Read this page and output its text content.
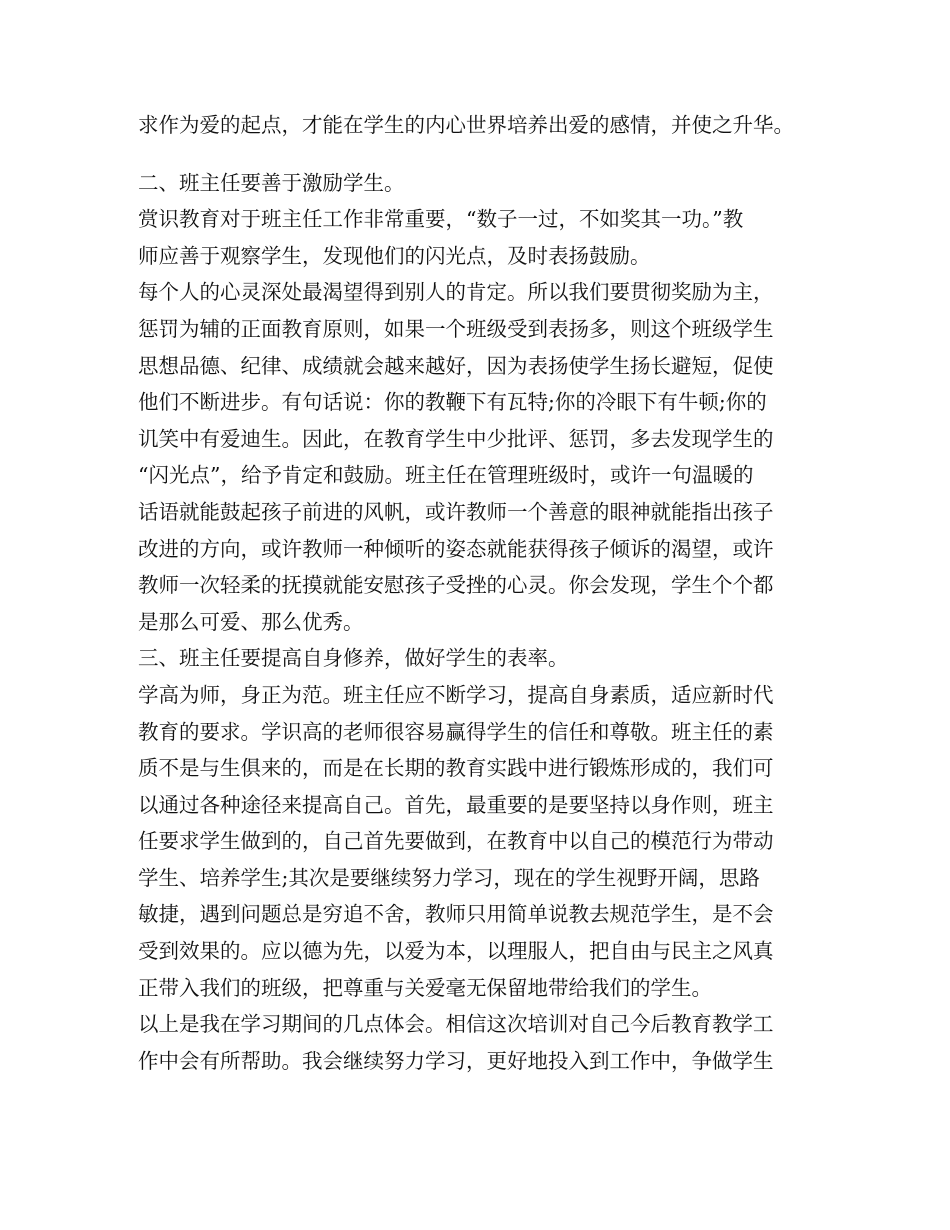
求作为爱的起点，才能在学生的内心世界培养出爱的感情，并使之升华。
二、班主任要善于激励学生。
赏识教育对于班主任工作非常重要，“数子一过，不如奖其一功。”教
师应善于观察学生，发现他们的闪光点，及时表扬鼓励。
每个人的心灵深处最渴望得到别人的肯定。所以我们要贯彻奖励为主，
惩罚为辅的正面教育原则，如果一个班级受到表扬多，则这个班级学生
思想品德、纪律、成绩就会越来越好，因为表扬使学生扬长避短，促使
他们不断进步。有句话说：你的教鞭下有瓦特;你的冷眼下有牛顿;你的
讥笑中有爱迪生。因此，在教育学生中少批评、惩罚，多去发现学生的
“闪光点”，给予肯定和鼓励。班主任在管理班级时，或许一句温暖的
话语就能鼓起孩子前进的风帆，或许教师一个善意的眼神就能指出孩子
改进的方向，或许教师一种倾听的姿态就能获得孩子倾诉的渴望，或许
教师一次轻柔的抚摸就能安慰孩子受挫的心灵。你会发现，学生个个都
是那么可爱、那么优秀。
三、班主任要提高自身修养，做好学生的表率。
学高为师，身正为范。班主任应不断学习，提高自身素质，适应新时代
教育的要求。学识高的老师很容易赢得学生的信任和尊敬。班主任的素
质不是与生俱来的，而是在长期的教育实践中进行锻炼形成的，我们可
以通过各种途径来提高自己。首先，最重要的是要坚持以身作则，班主
任要求学生做到的，自己首先要做到，在教育中以自己的模范行为带动
学生、培养学生;其次是要继续努力学习，现在的学生视野开阔，思路
敏捷，遇到问题总是穷追不舍，教师只用简单说教去规范学生，是不会
受到效果的。应以德为先，以爱为本，以理服人，把自由与民主之风真
正带入我们的班级，把尊重与关爱毫无保留地带给我们的学生。
以上是我在学习期间的几点体会。相信这次培训对自己今后教育教学工
作中会有所帮助。我会继续努力学习，更好地投入到工作中，争做学生
